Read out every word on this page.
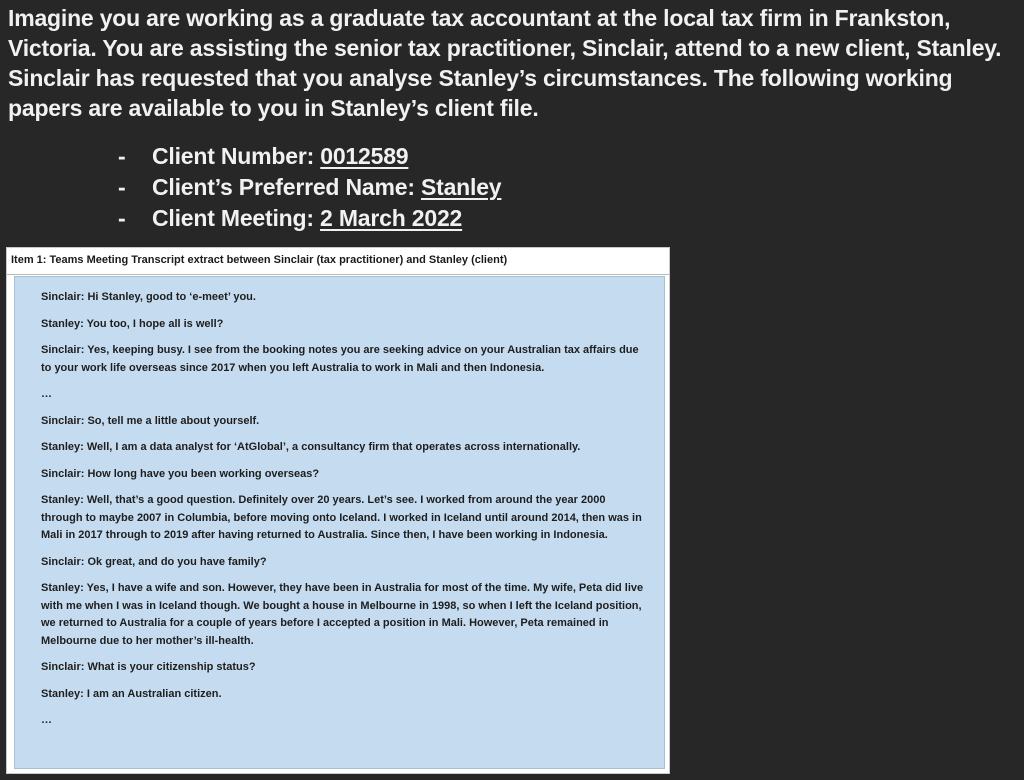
Imagine you are working as a graduate tax accountant at the local tax firm in Frankston, Victoria. You are assisting the senior tax practitioner, Sinclair, attend to a new client, Stanley. Sinclair has requested that you analyse Stanley’s circumstances. The following working papers are available to you in Stanley’s client file.

-	Client Number:
0012589
-	Client’s Preferred Name:
Stanley
-	Client Meeting:
2 March 2022
Item 1: Teams Meeting Transcript extract between Sinclair (tax practitioner) and Stanley (client)

Sinclair: Hi Stanley, good to ‘e-meet’ you.

Stanley: You too, I hope all is well?

Sinclair: Yes, keeping busy. I see from the booking notes you are seeking advice on your Australian tax affairs due to your work life overseas since 2017 when you left Australia to work in Mali and then Indonesia.

…

Sinclair: So, tell me a little about yourself.

Stanley: Well, I am a data analyst for ‘AtGlobal’, a consultancy firm that operates across internationally.

Sinclair: How long have you been working overseas?

Stanley: Well, that’s a good question. Definitely over 20 years. Let’s see. I worked from around the year 2000 through to maybe 2007 in Columbia, before moving onto Iceland. I worked in Iceland until around 2014, then was in Mali in 2017 through to 2019 after having returned to Australia. Since then, I have been working in Indonesia.

Sinclair: Ok great, and do you have family?

Stanley: Yes, I have a wife and son. However, they have been in Australia for most of the time. My wife, Peta did live with me when I was in Iceland though. We bought a house in Melbourne in 1998, so when I left the Iceland position, we returned to Australia for a couple of years before I accepted a position in Mali. However, Peta remained in Melbourne due to her mother’s ill-health.

Sinclair: What is your citizenship status?

Stanley: I am an Australian citizen.

…
